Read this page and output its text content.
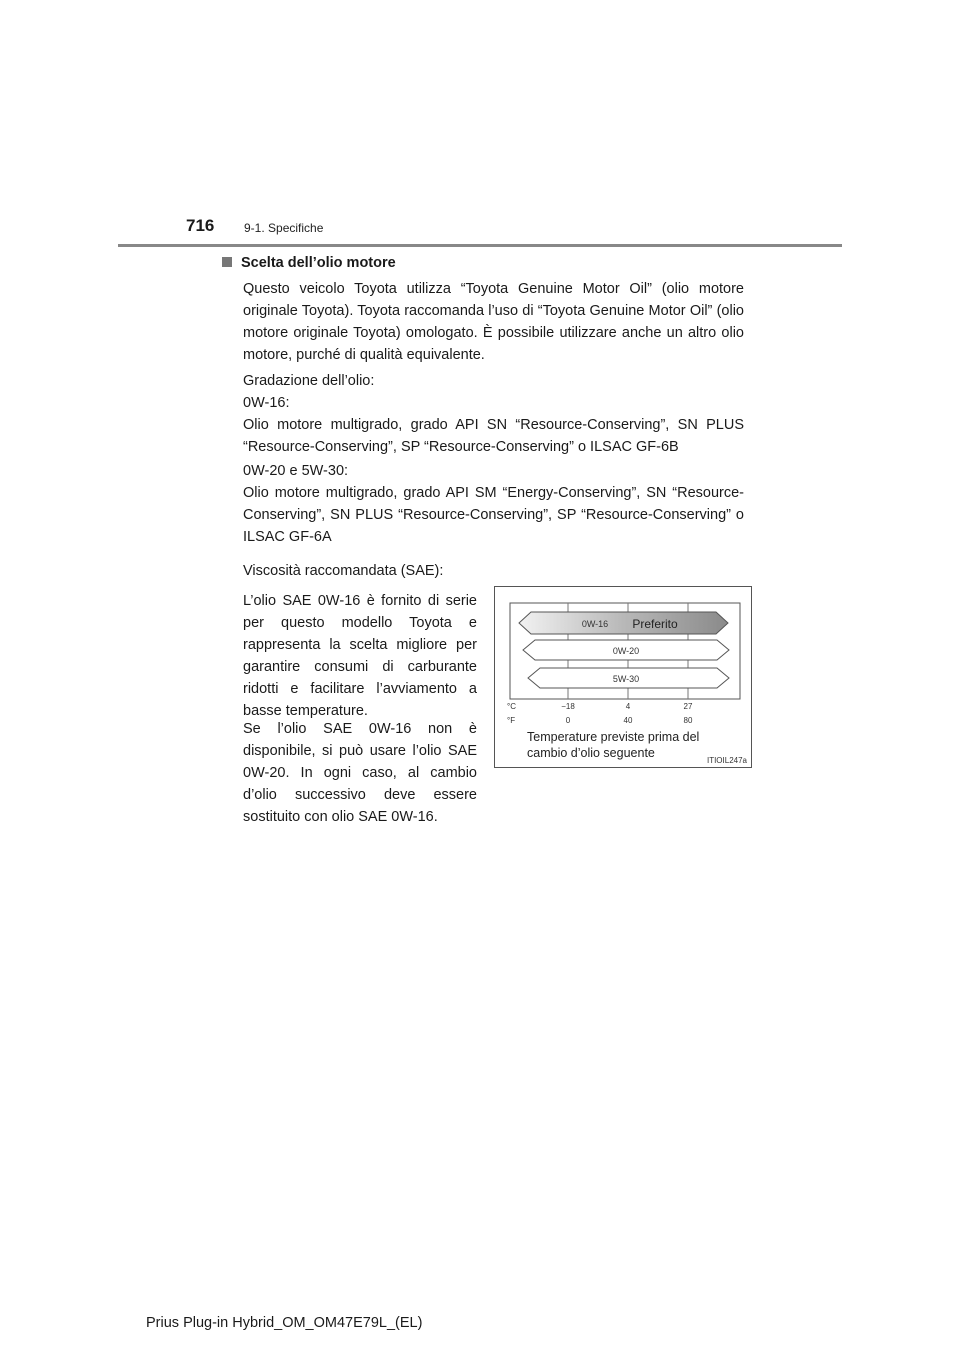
716 9-1. Specifiche
Scelta dell’olio motore

Questo veicolo Toyota utilizza “Toyota Genuine Motor Oil” (olio motore originale Toyota). Toyota raccomanda l’uso di “Toyota Genuine Motor Oil” (olio motore originale Toyota) omologato. È possibile utilizzare anche un altro olio motore, purché di qualità equivalente.

Gradazione dell’olio:

0W-16:

Olio motore multigrado, grado API SN “Resource-Conserving”, SN PLUS “Resource-Conserving”, SP “Resource-Conserving” o ILSAC GF-6B

0W-20 e 5W-30:

Olio motore multigrado, grado API SM “Energy-Conserving”, SN “Resource-Conserving”, SN PLUS “Resource-Conserving”, SP “Resource-Conserving” o ILSAC GF-6A

Viscosità raccomandata (SAE):

L’olio SAE 0W-16 è fornito di serie per questo modello Toyota e rappresenta la scelta migliore per garantire consumi di carburante ridotti e facilitare l’avviamento a basse temperature.

Se l’olio SAE 0W-16 non è disponibile, si può usare l’olio SAE 0W-20. In ogni caso, al cambio d’olio successivo deve essere sostituito con olio SAE 0W-16.

0W-16 Preferito
0W-20
5W-30
°C	−18	4	27
°F	0	40	80
Temperature previste prima del
cambio d’olio seguente
ITIOIL247a
Prius Plug-in Hybrid_OM_OM47E79L_(EL)
